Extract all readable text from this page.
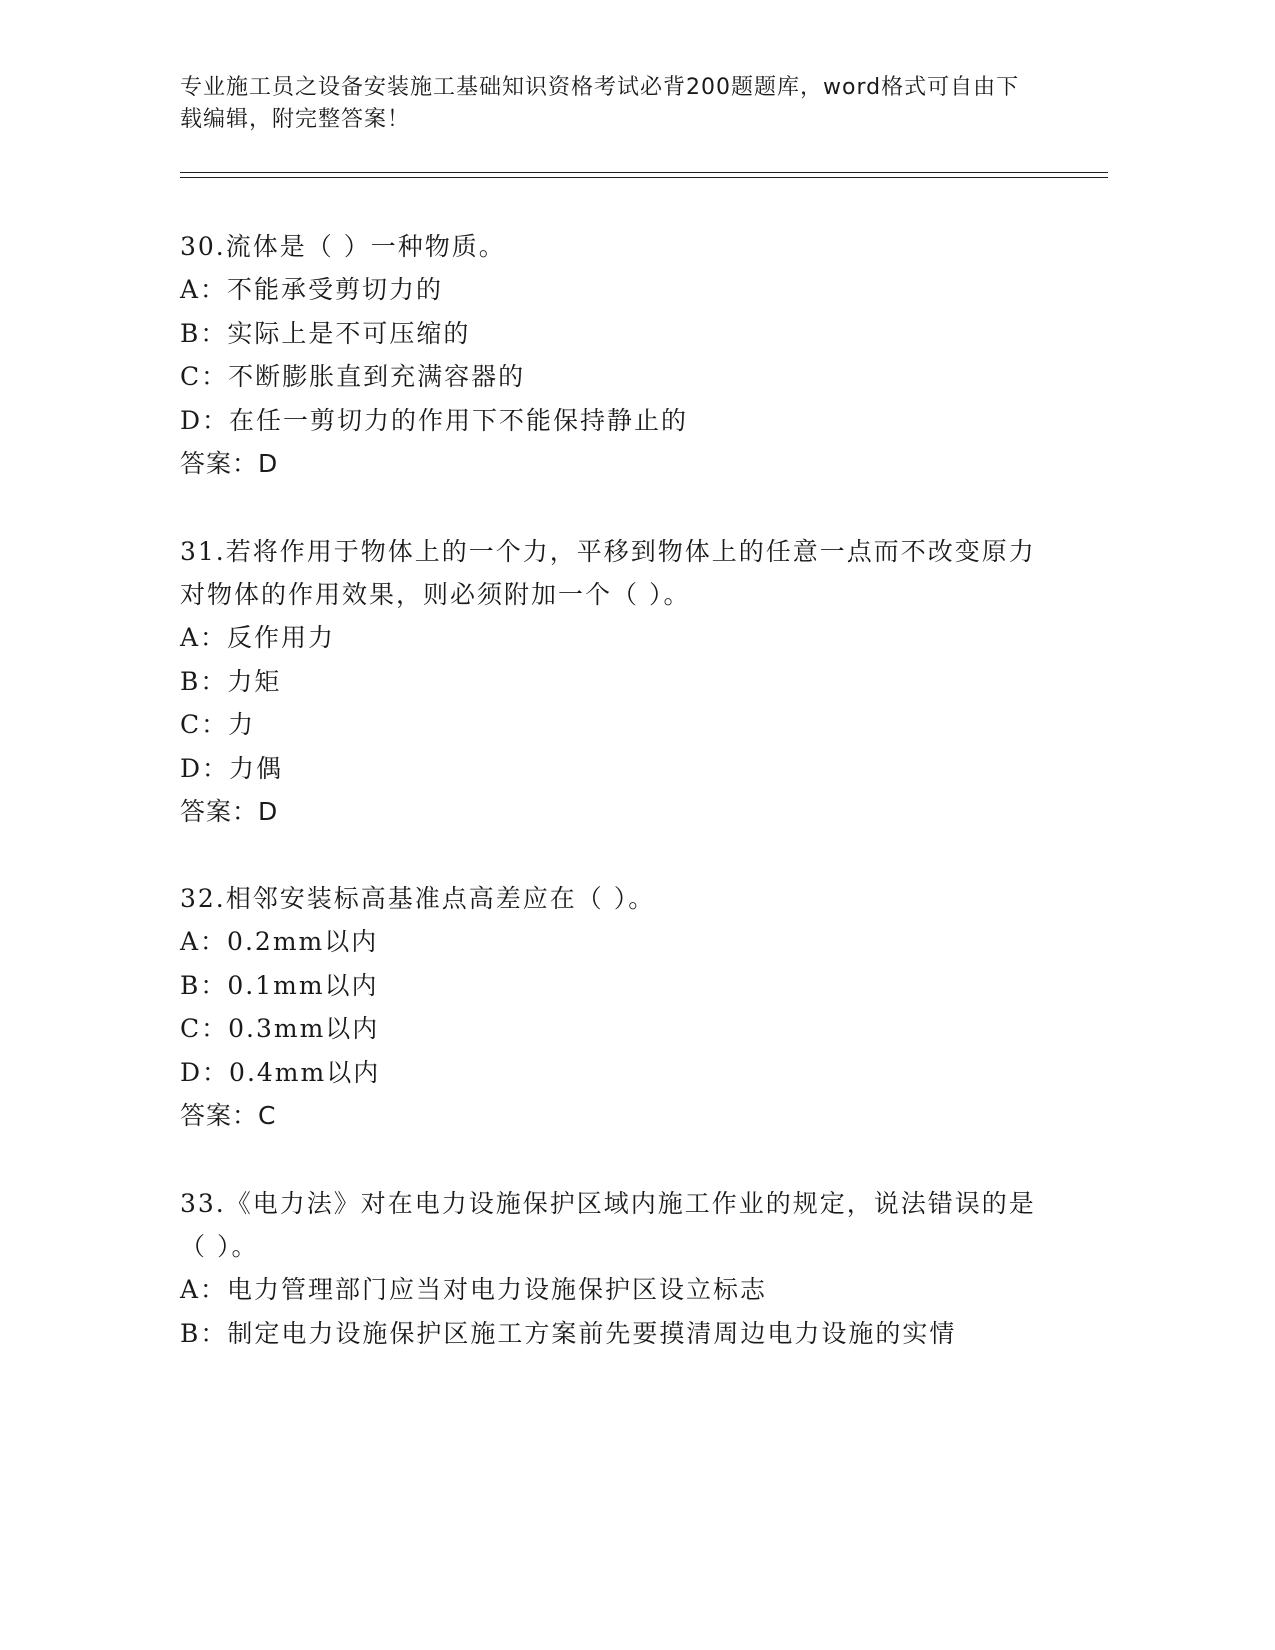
专业施工员之设备安装施工基础知识资格考试必背200题题库，word格式可自由下载编辑，附完整答案！

30.流体是（ ）一种物质。

A：不能承受剪切力的

B：实际上是不可压缩的

C：不断膨胀直到充满容器的

D：在任一剪切力的作用下不能保持静止的

答案：D

31.若将作用于物体上的一个力，平移到物体上的任意一点而不改变原力对物体的作用效果，则必须附加一个（ ）。

A：反作用力

B：力矩

C：力

D：力偶

答案：D

32.相邻安装标高基准点高差应在（ ）。

A：0.2mm以内

B：0.1mm以内

C：0.3mm以内

D：0.4mm以内

答案：C

33.《电力法》对在电力设施保护区域内施工作业的规定，说法错误的是（ ）。

A：电力管理部门应当对电力设施保护区设立标志

B：制定电力设施保护区施工方案前先要摸清周边电力设施的实情
